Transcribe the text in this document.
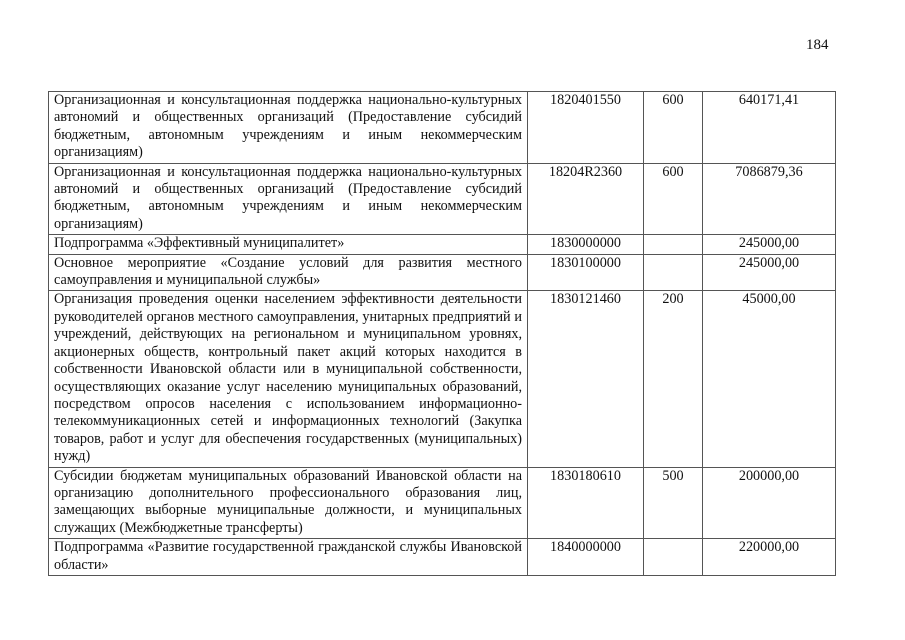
184
Организационная и консультационная поддержка национально-культурных автономий и общественных организаций (Предоставление субсидий бюджетным, автономным учреждениям и иным некоммерческим организациям)	1820401550	600	640171,41
Организационная и консультационная поддержка национально-культурных автономий и общественных организаций (Предоставление субсидий бюджетным, автономным учреждениям и иным некоммерческим организациям)	18204R2360	600	7086879,36
Подпрограмма «Эффективный муниципалитет»	1830000000		245000,00
Основное мероприятие «Создание условий для развития местного самоуправления и муниципальной службы»	1830100000		245000,00
Организация проведения оценки населением эффективности деятельности руководителей органов местного самоуправления, унитарных предприятий и учреждений, действующих на региональном и муниципальном уровнях, акционерных обществ, контрольный пакет акций которых находится в собственности Ивановской области или в муниципальной собственности, осуществляющих оказание услуг населению муниципальных образований, посредством опросов населения с использованием информационно-телекоммуникационных сетей и информационных технологий (Закупка товаров, работ и услуг для обеспечения государственных (муниципальных) нужд)	1830121460	200	45000,00
Субсидии бюджетам муниципальных образований Ивановской области на организацию дополнительного профессионального образования лиц, замещающих выборные муниципальные должности, и муниципальных служащих (Межбюджетные трансферты)	1830180610	500	200000,00
Подпрограмма «Развитие государственной гражданской службы Ивановской области»	1840000000		220000,00
